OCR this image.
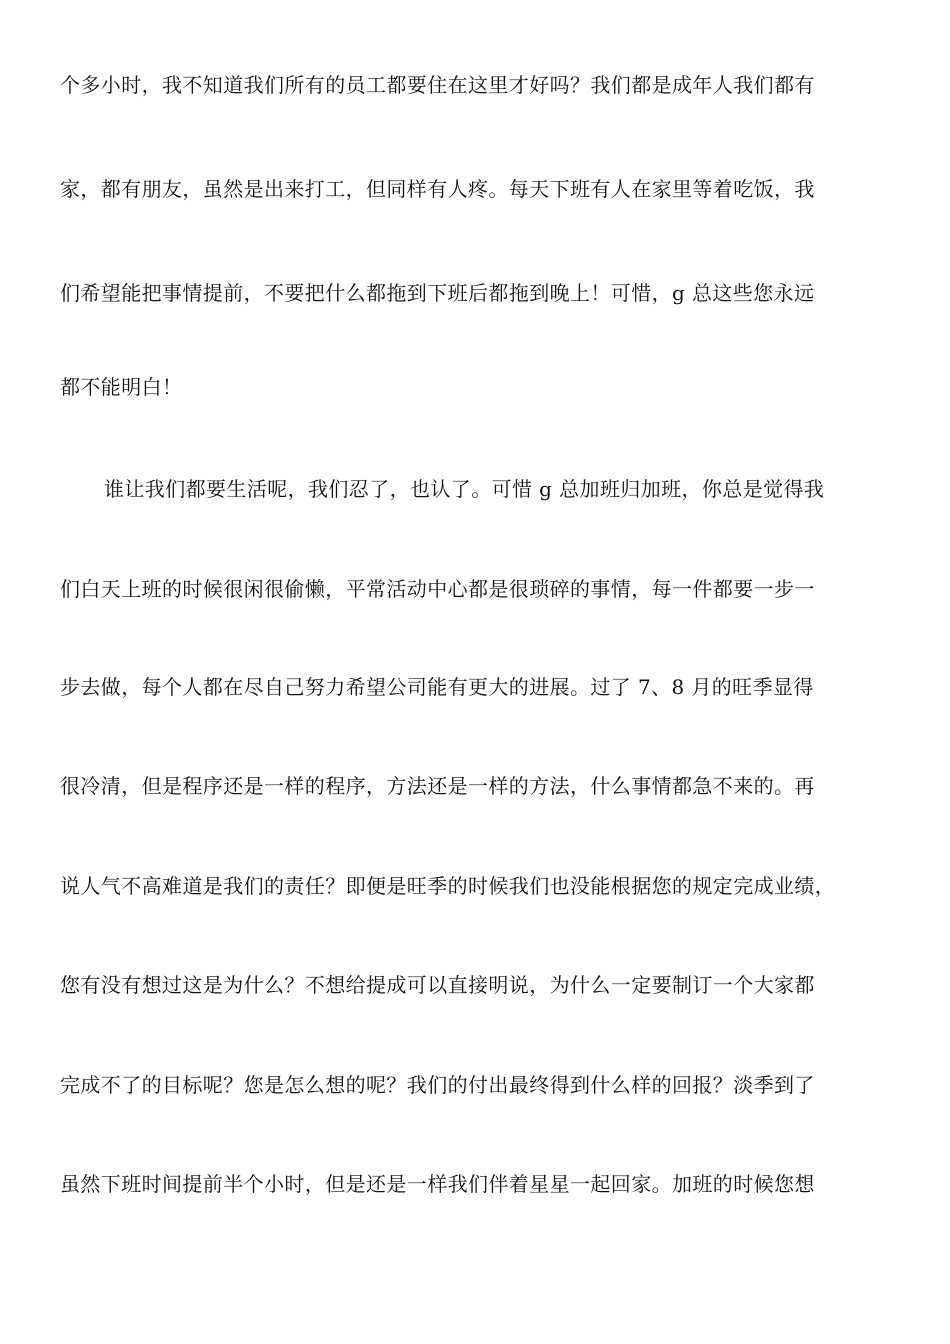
个多小时，我不知道我们所有的员工都要住在这里才好吗？我们都是成年人我们都有
家，都有朋友，虽然是出来打工，但同样有人疼。每天下班有人在家里等着吃饭，我
们希望能把事情提前，不要把什么都拖到下班后都拖到晚上！可惜，g 总这些您永远
都不能明白！
谁让我们都要生活呢，我们忍了，也认了。可惜 g 总加班归加班，你总是觉得我
们白天上班的时候很闲很偷懒，平常活动中心都是很琐碎的事情，每一件都要一步一
步去做，每个人都在尽自己努力希望公司能有更大的进展。过了 7、8 月的旺季显得
很冷清，但是程序还是一样的程序，方法还是一样的方法，什么事情都急不来的。再
说人气不高难道是我们的责任？即便是旺季的时候我们也没能根据您的规定完成业绩，
您有没有想过这是为什么？不想给提成可以直接明说，为什么一定要制订一个大家都
完成不了的目标呢？您是怎么想的呢？我们的付出最终得到什么样的回报？淡季到了
虽然下班时间提前半个小时，但是还是一样我们伴着星星一起回家。加班的时候您想
